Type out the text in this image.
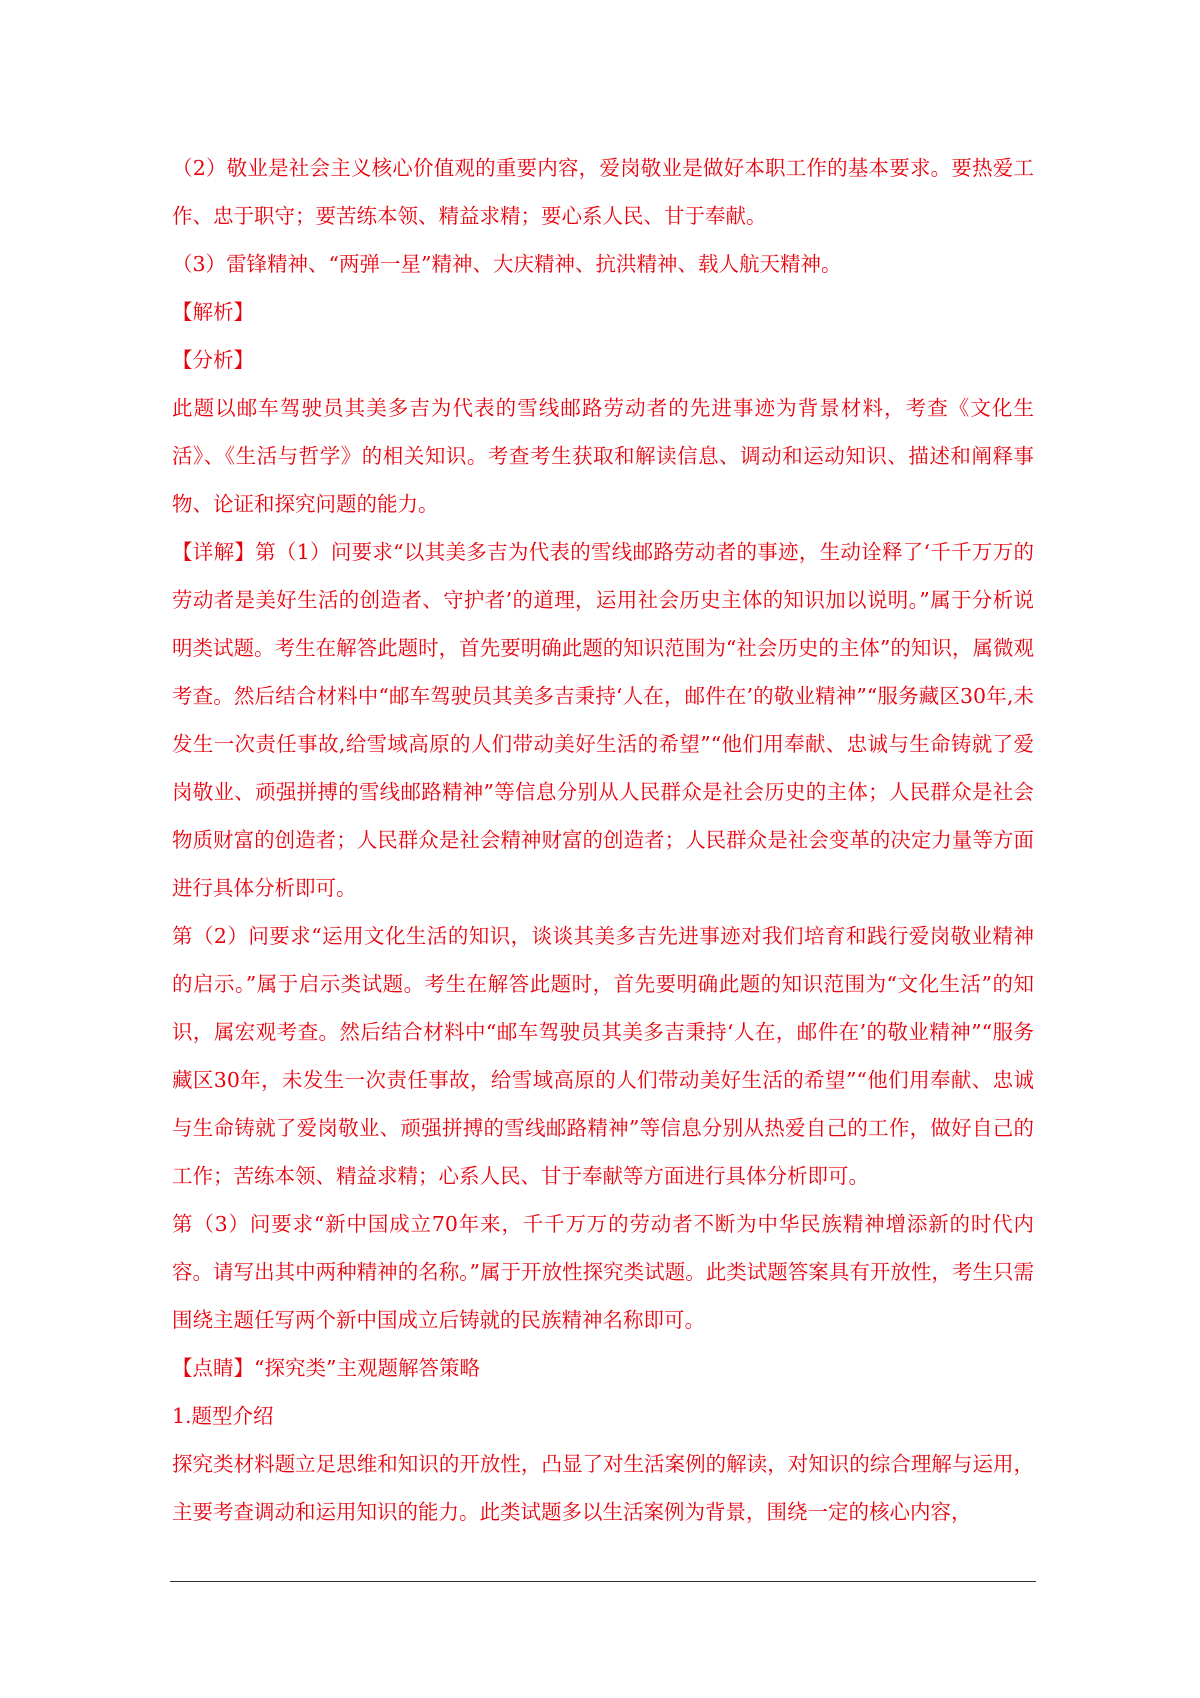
（2）敬业是社会主义核心价值观的重要内容，爱岗敬业是做好本职工作的基本要求。要热爱工作、忠于职守；要苦练本领、精益求精；要心系人民、甘于奉献。

（3）雷锋精神、“两弹一星”精神、大庆精神、抗洪精神、载人航天精神。

【解析】

【分析】

此题以邮车驾驶员其美多吉为代表的雪线邮路劳动者的先进事迹为背景材料，考查《文化生活》、《生活与哲学》的相关知识。考查考生获取和解读信息、调动和运动知识、描述和阐释事物、论证和探究问题的能力。

【详解】第（1）问要求“以其美多吉为代表的雪线邮路劳动者的事迹，生动诠释了‘千千万万的劳动者是美好生活的创造者、守护者’的道理，运用社会历史主体的知识加以说明。”属于分析说明类试题。考生在解答此题时，首先要明确此题的知识范围为“社会历史的主体”的知识，属微观考查。然后结合材料中“邮车驾驶员其美多吉秉持‘人在，邮件在’的敬业精神”“服务藏区30年,未发生一次责任事故,给雪域高原的人们带动美好生活的希望”“他们用奉献、忠诚与生命铸就了爱岗敬业、顽强拼搏的雪线邮路精神”等信息分别从人民群众是社会历史的主体；人民群众是社会物质财富的创造者；人民群众是社会精神财富的创造者；人民群众是社会变革的决定力量等方面进行具体分析即可。

第（2）问要求“运用文化生活的知识，谈谈其美多吉先进事迹对我们培育和践行爱岗敬业精神的启示。”属于启示类试题。考生在解答此题时，首先要明确此题的知识范围为“文化生活”的知识，属宏观考查。然后结合材料中“邮车驾驶员其美多吉秉持‘人在，邮件在’的敬业精神”“服务藏区30年，未发生一次责任事故，给雪域高原的人们带动美好生活的希望”“他们用奉献、忠诚与生命铸就了爱岗敬业、顽强拼搏的雪线邮路精神”等信息分别从热爱自己的工作，做好自己的工作；苦练本领、精益求精；心系人民、甘于奉献等方面进行具体分析即可。

第（3）问要求“新中国成立70年来，千千万万的劳动者不断为中华民族精神增添新的时代内容。请写出其中两种精神的名称。”属于开放性探究类试题。此类试题答案具有开放性，考生只需围绕主题任写两个新中国成立后铸就的民族精神名称即可。

【点睛】“探究类”主观题解答策略

1.题型介绍

探究类材料题立足思维和知识的开放性，凸显了对生活案例的解读，对知识的综合理解与运用，主要考查调动和运用知识的能力。此类试题多以生活案例为背景，围绕一定的核心内容，
